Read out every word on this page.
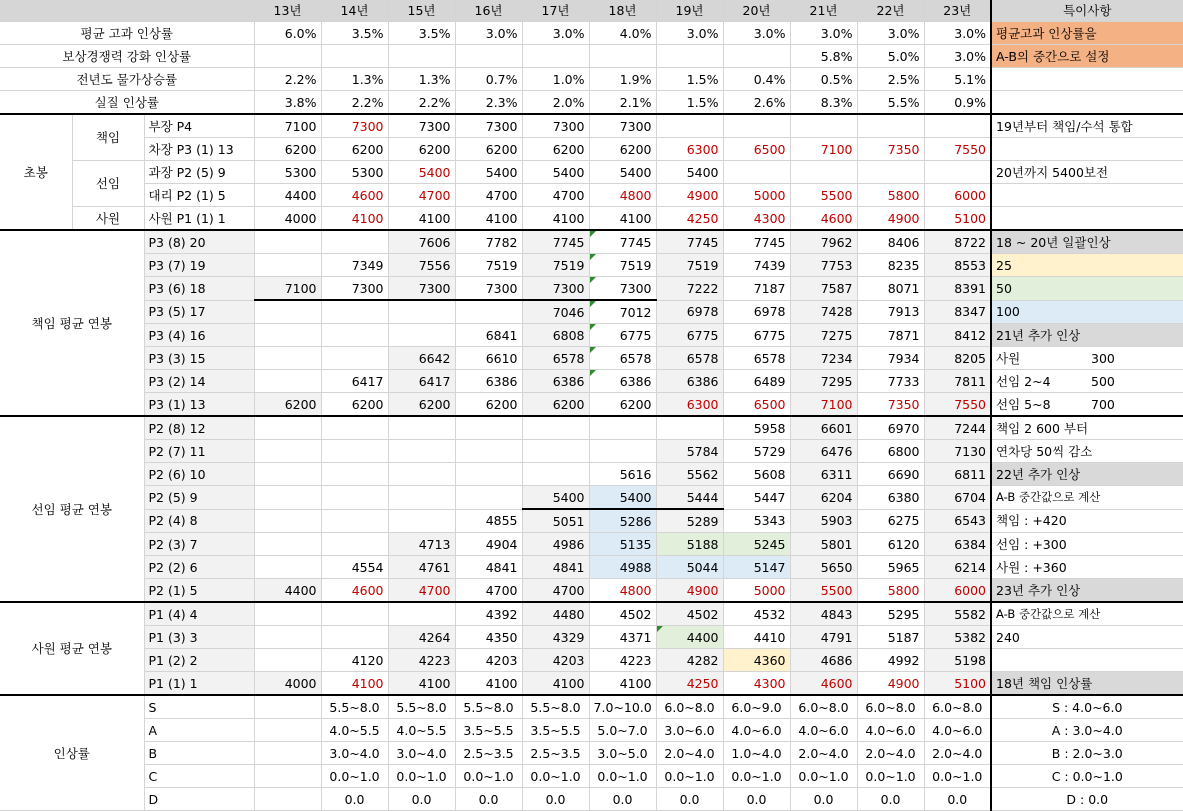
			13년	14년	15년	16년	17년	18년	19년	20년	21년	22년	23년	특이사항
평균 고과 인상률			6.0%	3.5%	3.5%	3.0%	3.0%	4.0%	3.0%	3.0%	3.0%	3.0%	3.0%	평균고과 인상률을
보상경쟁력 강화 인상률											5.8%	5.0%	3.0%	A-B의 중간으로 설정
전년도 물가상승률			2.2%	1.3%	1.3%	0.7%	1.0%	1.9%	1.5%	0.4%	0.5%	2.5%	5.1%	
실질 인상률			3.8%	2.2%	2.2%	2.3%	2.0%	2.1%	1.5%	2.6%	8.3%	5.5%	0.9%	
초봉	책임	부장 P4	7100	7300	7300	7300	7300	7300						19년부터 책임/수석 통합
		차장 P3 (1) 13	6200	6200	6200	6200	6200	6200	6300	6500	7100	7350	7550	
	선임	과장 P2 (5) 9	5300	5300	5400	5400	5400	5400	5400					20년까지 5400보전
		대리 P2 (1) 5	4400	4600	4700	4700	4700	4800	4900	5000	5500	5800	6000	
	사원	사원 P1 (1) 1	4000	4100	4100	4100	4100	4100	4250	4300	4600	4900	5100	
책임 평균 연봉		P3 (8) 20			7606	7782	7745	7745	7745	7745	7962	8406	8722	18 ~ 20년 일괄인상
		P3 (7) 19		7349	7556	7519	7519	7519	7519	7439	7753	8235	8553	25
		P3 (6) 18	7100	7300	7300	7300	7300	7300	7222	7187	7587	8071	8391	50
		P3 (5) 17					7046	7012	6978	6978	7428	7913	8347	100
		P3 (4) 16				6841	6808	6775	6775	6775	7275	7871	8412	21년 추가 인상
		P3 (3) 15			6642	6610	6578	6578	6578	6578	7234	7934	8205	사원 300
		P3 (2) 14		6417	6417	6386	6386	6386	6386	6489	7295	7733	7811	선임 2~4 500
		P3 (1) 13	6200	6200	6200	6200	6200	6200	6300	6500	7100	7350	7550	선임 5~8 700
선임 평균 연봉		P2 (8) 12								5958	6601	6970	7244	책임 2 600 부터
		P2 (7) 11							5784	5729	6476	6800	7130	연차당 50씩 감소
		P2 (6) 10						5616	5562	5608	6311	6690	6811	22년 추가 인상
		P2 (5) 9					5400	5400	5444	5447	6204	6380	6704	A-B 중간값으로 계산
		P2 (4) 8				4855	5051	5286	5289	5343	5903	6275	6543	책임 : +420
		P2 (3) 7			4713	4904	4986	5135	5188	5245	5801	6120	6384	선임 : +300
		P2 (2) 6		4554	4761	4841	4841	4988	5044	5147	5650	5965	6214	사원 : +360
		P2 (1) 5	4400	4600	4700	4700	4700	4800	4900	5000	5500	5800	6000	23년 추가 인상
사원 평균 연봉		P1 (4) 4				4392	4480	4502	4502	4532	4843	5295	5582	A-B 중간값으로 계산
		P1 (3) 3			4264	4350	4329	4371	4400	4410	4791	5187	5382	240
		P1 (2) 2		4120	4223	4203	4203	4223	4282	4360	4686	4992	5198	
		P1 (1) 1	4000	4100	4100	4100	4100	4100	4250	4300	4600	4900	5100	18년 책임 인상률
인상률		S		5.5~8.0	5.5~8.0	5.5~8.0	5.5~8.0	7.0~10.0	6.0~8.0	6.0~9.0	6.0~8.0	6.0~8.0	6.0~8.0	S : 4.0~6.0
		A		4.0~5.5	4.0~5.5	3.5~5.5	3.5~5.5	5.0~7.0	3.0~6.0	4.0~6.0	4.0~6.0	4.0~6.0	4.0~6.0	A : 3.0~4.0
		B		3.0~4.0	3.0~4.0	2.5~3.5	2.5~3.5	3.0~5.0	2.0~4.0	1.0~4.0	2.0~4.0	2.0~4.0	2.0~4.0	B : 2.0~3.0
		C		0.0~1.0	0.0~1.0	0.0~1.0	0.0~1.0	0.0~1.0	0.0~1.0	0.0~1.0	0.0~1.0	0.0~1.0	0.0~1.0	C : 0.0~1.0
		D		0.0	0.0	0.0	0.0	0.0	0.0	0.0	0.0	0.0	0.0	D : 0.0
